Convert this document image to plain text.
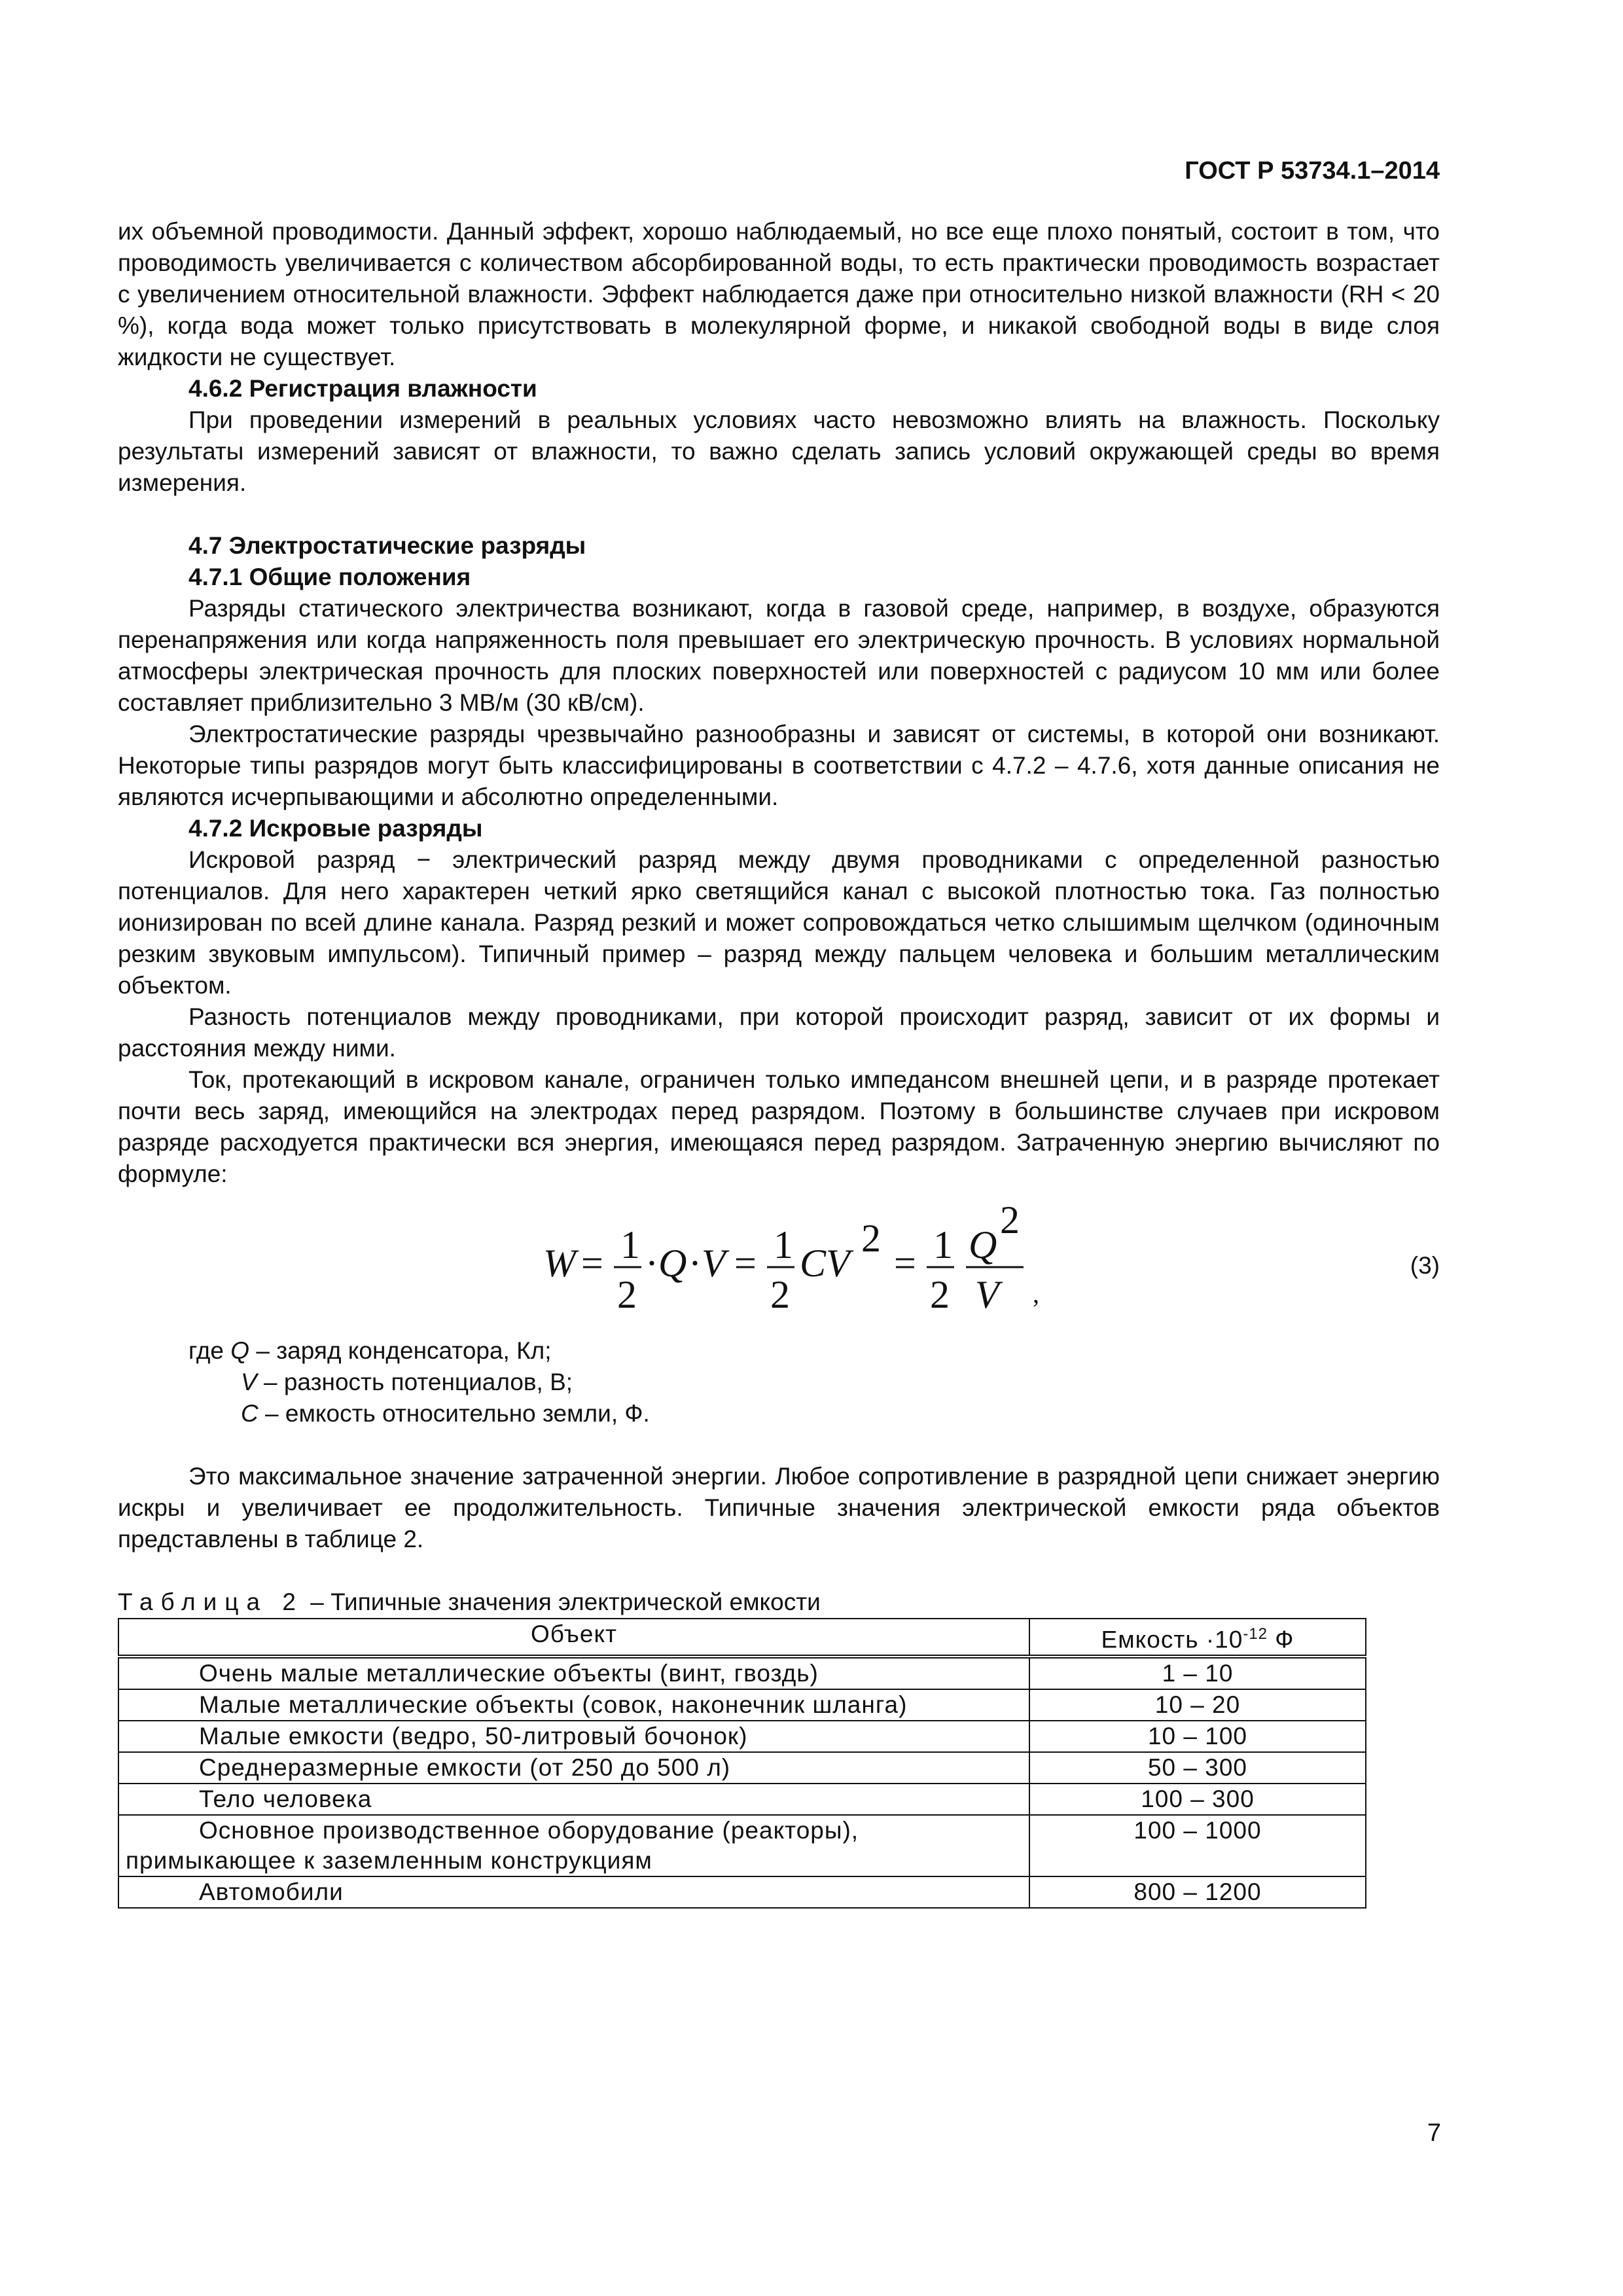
ГОСТ Р 53734.1–2014

их объемной проводимости. Данный эффект, хорошо наблюдаемый, но все еще плохо понятый, состоит в том, что проводимость увеличивается с количеством абсорбированной воды, то есть практически проводимость возрастает с увеличением относительной влажности. Эффект наблюдается даже при относительно низкой влажности (RH < 20 %), когда вода может только присутствовать в молекулярной форме, и никакой свободной воды в виде слоя жидкости не существует.

4.6.2 Регистрация влажности

При проведении измерений в реальных условиях часто невозможно влиять на влажность. Поскольку результаты измерений зависят от влажности, то важно сделать запись условий окружающей среды во время измерения.

4.7 Электростатические разряды

4.7.1 Общие положения

Разряды статического электричества возникают, когда в газовой среде, например, в воздухе, образуются перенапряжения или когда напряженность поля превышает его электрическую прочность. В условиях нормальной атмосферы электрическая прочность для плоских поверхностей или поверхностей с радиусом 10 мм или более составляет приблизительно 3 МВ/м (30 кВ/см).

Электростатические разряды чрезвычайно разнообразны и зависят от системы, в которой они возникают. Некоторые типы разрядов могут быть классифицированы в соответствии с 4.7.2 – 4.7.6, хотя данные описания не являются исчерпывающими и абсолютно определенными.

4.7.2 Искровые разряды

Искровой разряд − электрический разряд между двумя проводниками с определенной разностью потенциалов. Для него характерен четкий ярко светящийся канал с высокой плотностью тока. Газ полностью ионизирован по всей длине канала. Разряд резкий и может сопровождаться четко слышимым щелчком (одиночным резким звуковым импульсом). Типичный пример – разряд между пальцем человека и большим металлическим объектом.

Разность потенциалов между проводниками, при которой происходит разряд, зависит от их формы и расстояния между ними.

Ток, протекающий в искровом канале, ограничен только импедансом внешней цепи, и в разряде протекает почти весь заряд, имеющийся на электродах перед разрядом. Поэтому в большинстве случаев при искровом разряде расходуется практически вся энергия, имеющаяся перед разрядом. Затраченную энергию вычисляют по формуле:

W = 1
2
· Q · V = 1
2
CV
2
= 1
2
Q
2
V ,
(3)

где Q – заряд конденсатора, Кл;

V – разность потенциалов, В;

C – емкость относительно земли, Ф.

Это максимальное значение затраченной энергии. Любое сопротивление в разрядной цепи снижает энергию искры и увеличивает ее продолжительность. Типичные значения электрической емкости ряда объектов представлены в таблице 2.

Таблица 2 – Типичные значения электрической емкости

Объект	Емкость $\cdot 10^{-12}$ Ф
Очень малые металлические объекты (винт, гвоздь)	1 – 10
Малые металлические объекты (совок, наконечник шланга)	10 – 20
Малые емкости (ведро, 50-литровый бочонок)	10 – 100
Среднеразмерные емкости (от 250 до 500 л)	50 – 300
Тело человека	100 – 300
Основное производственное оборудование (реакторы), примыкающее к заземленным конструкциям	100 – 1000
Автомобили	800 – 1200
7
